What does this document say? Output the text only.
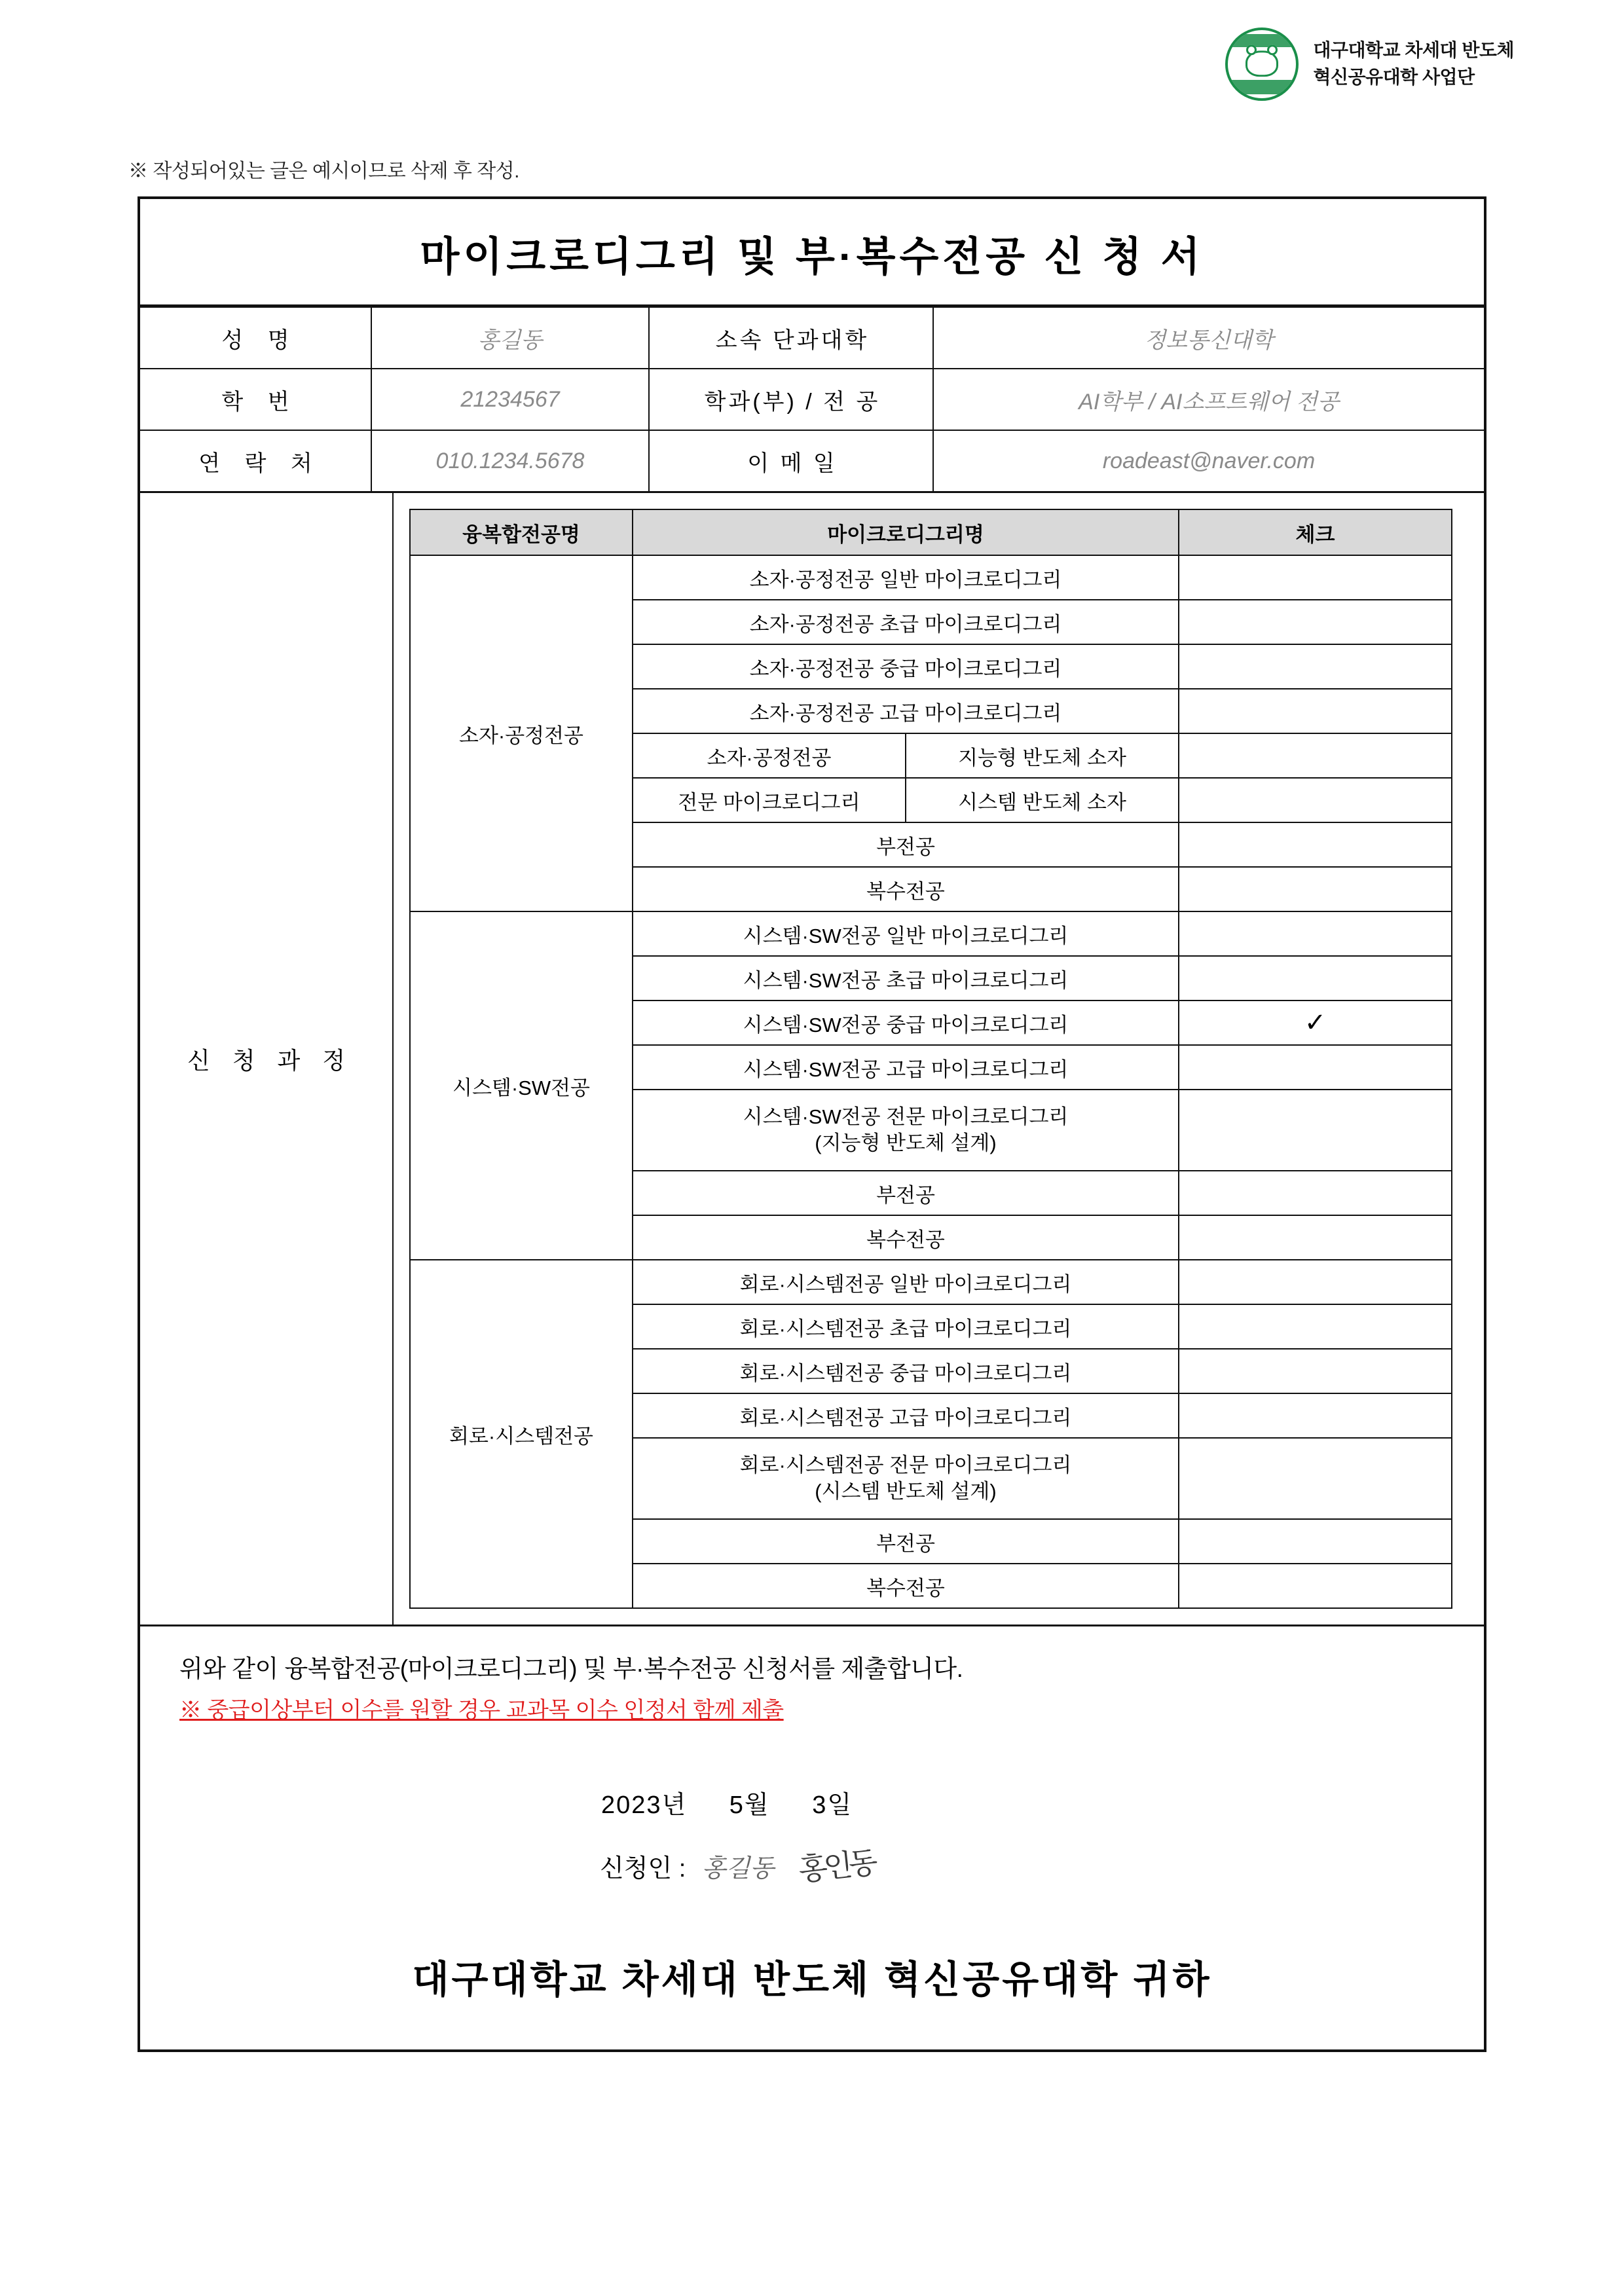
대구대학교 차세대 반도체
혁신공유대학 사업단
※ 작성되어있는 글은 예시이므로 삭제 후 작성.
마이크로디그리 및 부·복수전공 신 청 서
성 명	홍길동	소속 단과대학	정보통신대학
학 번	21234567	학과(부) / 전 공	AI학부 / AI소프트웨어 전공
연 락 처	010.1234.5678	이 메 일	roadeast@naver.com
신 청 과 정
융복합전공명	마이크로디그리명		체크
소자·공정전공	소자·공정전공 일반 마이크로디그리		
	소자·공정전공 초급 마이크로디그리		
	소자·공정전공 중급 마이크로디그리		
	소자·공정전공 고급 마이크로디그리		
	소자·공정전공	지능형 반도체 소자	
	전문 마이크로디그리	시스템 반도체 소자	
	부전공		
	복수전공		
시스템·SW전공	시스템·SW전공 일반 마이크로디그리		
	시스템·SW전공 초급 마이크로디그리		
	시스템·SW전공 중급 마이크로디그리		✓
	시스템·SW전공 고급 마이크로디그리		

	시스템·SW전공 전문 마이크로디그리
(지능형 반도체 설계)		

	부전공		
	복수전공		
회로·시스템전공	회로·시스템전공 일반 마이크로디그리		
	회로·시스템전공 초급 마이크로디그리		
	회로·시스템전공 중급 마이크로디그리		
	회로·시스템전공 고급 마이크로디그리		

	회로·시스템전공 전문 마이크로디그리
(시스템 반도체 설계)		

	부전공		
	복수전공		
위와 같이 융복합전공(마이크로디그리) 및 부·복수전공 신청서를 제출합니다.
※ 중급이상부터 이수를 원할 경우 교과목 이수 인정서 함께 제출
2023년 5월 3일
신청인 : 홍길동 홍인동
대구대학교 차세대 반도체 혁신공유대학 귀하
